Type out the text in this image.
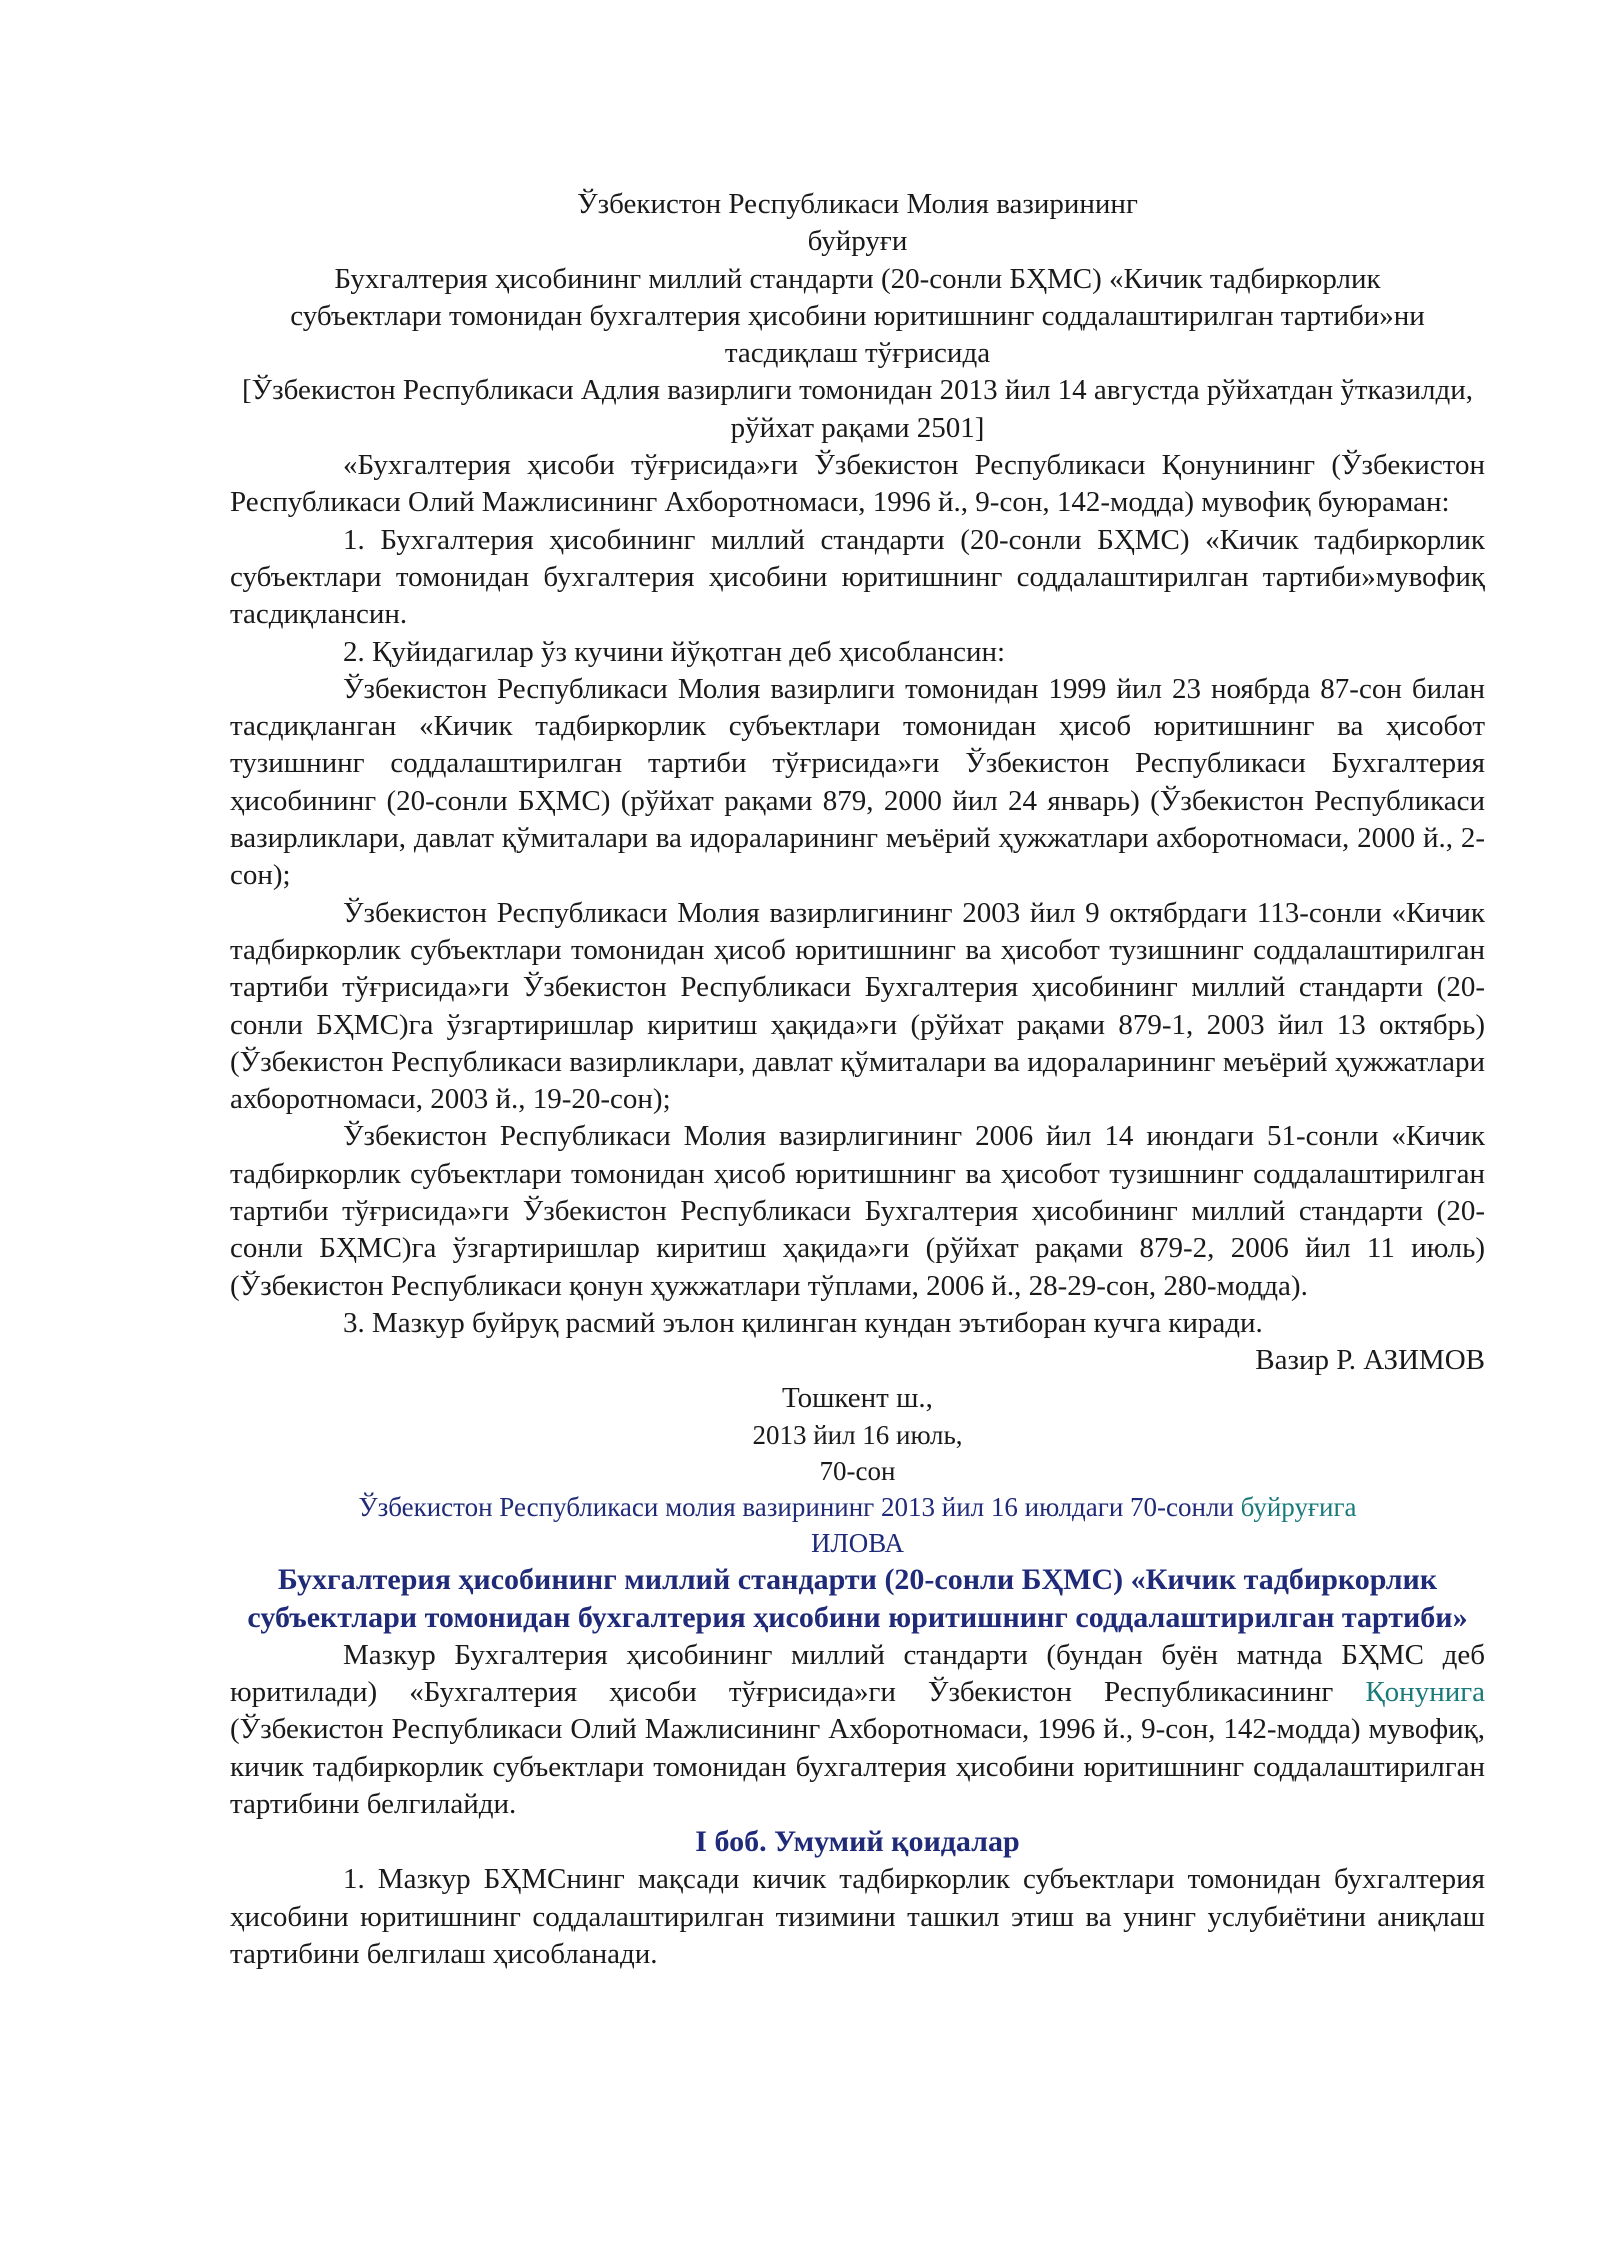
Ўзбекистон Республикаси Молия вазирининг

буйруғи

Бухгалтерия ҳисобининг миллий стандарти (20-сонли БҲМС) «Кичик тадбиркорлик субъектлари томонидан бухгалтерия ҳисобини юритишнинг соддалаштирилган тартиби»ни тасдиқлаш тўғрисида

[Ўзбекистон Республикаси Адлия вазирлиги томонидан 2013 йил 14 августда рўйхатдан ўтказилди, рўйхат рақами 2501]

«Бухгалтерия ҳисоби тўғрисида»ги Ўзбекистон Республикаси Қонунининг (Ўзбекистон Республикаси Олий Мажлисининг Ахборотномаси, 1996 й., 9-сон, 142-модда) мувофиқ буюраман:

1. Бухгалтерия ҳисобининг миллий стандарти (20-сонли БҲМС) «Кичик тадбиркорлик субъектлари томонидан бухгалтерия ҳисобини юритишнинг соддалаштирилган тартиби»мувофиқ тасдиқлансин.

2. Қуйидагилар ўз кучини йўқотган деб ҳисоблансин:

Ўзбекистон Республикаси Молия вазирлиги томонидан 1999 йил 23 ноябрда 87-сон билан тасдиқланган «Кичик тадбиркорлик субъектлари томонидан ҳисоб юритишнинг ва ҳисобот тузишнинг соддалаштирилган тартиби тўғрисида»ги Ўзбекистон Республикаси Бухгалтерия ҳисобининг (20-сонли БҲМС) (рўйхат рақами 879, 2000 йил 24 январь) (Ўзбекистон Республикаси вазирликлари, давлат қўмиталари ва идораларининг меъёрий ҳужжатлари ахборотномаси, 2000 й., 2-сон);

Ўзбекистон Республикаси Молия вазирлигининг 2003 йил 9 октябрдаги 113-сонли «Кичик тадбиркорлик субъектлари томонидан ҳисоб юритишнинг ва ҳисобот тузишнинг соддалаштирилган тартиби тўғрисида»ги Ўзбекистон Республикаси Бухгалтерия ҳисобининг миллий стандарти (20-сонли БҲМС)га ўзгартиришлар киритиш ҳақида»ги (рўйхат рақами 879-1, 2003 йил 13 октябрь) (Ўзбекистон Республикаси вазирликлари, давлат қўмиталари ва идораларининг меъёрий ҳужжатлари ахборотномаси, 2003 й., 19-20-сон);

Ўзбекистон Республикаси Молия вазирлигининг 2006 йил 14 июндаги 51-сонли «Кичик тадбиркорлик субъектлари томонидан ҳисоб юритишнинг ва ҳисобот тузишнинг соддалаштирилган тартиби тўғрисида»ги Ўзбекистон Республикаси Бухгалтерия ҳисобининг миллий стандарти (20-сонли БҲМС)га ўзгартиришлар киритиш ҳақида»ги (рўйхат рақами 879-2, 2006 йил 11 июль) (Ўзбекистон Республикаси қонун ҳужжатлари тўплами, 2006 й., 28-29-сон, 280-модда).

3. Мазкур буйруқ расмий эълон қилинган кундан эътиборан кучга киради.

Вазир Р. АЗИМОВ

Тошкент ш.,

2013 йил 16 июль,

70-сон

Ўзбекистон Республикаси молия вазирининг 2013 йил 16 июлдаги 70-сонли буйруғига

ИЛОВА

Бухгалтерия ҳисобининг миллий стандарти (20-сонли БҲМС) «Кичик тадбиркорлик субъектлари томонидан бухгалтерия ҳисобини юритишнинг соддалаштирилган тартиби»

Мазкур Бухгалтерия ҳисобининг миллий стандарти (бундан буён матнда БҲМС деб юритилади) «Бухгалтерия ҳисоби тўғрисида»ги Ўзбекистон Республикасининг Қонунига (Ўзбекистон Республикаси Олий Мажлисининг Ахборотномаси, 1996 й., 9-сон, 142-модда) мувофиқ, кичик тадбиркорлик субъектлари томонидан бухгалтерия ҳисобини юритишнинг соддалаштирилган тартибини белгилайди.

I боб. Умумий қоидалар

1. Мазкур БҲМСнинг мақсади кичик тадбиркорлик субъектлари томонидан бухгалтерия ҳисобини юритишнинг соддалаштирилган тизимини ташкил этиш ва унинг услубиётини аниқлаш тартибини белгилаш ҳисобланади.
